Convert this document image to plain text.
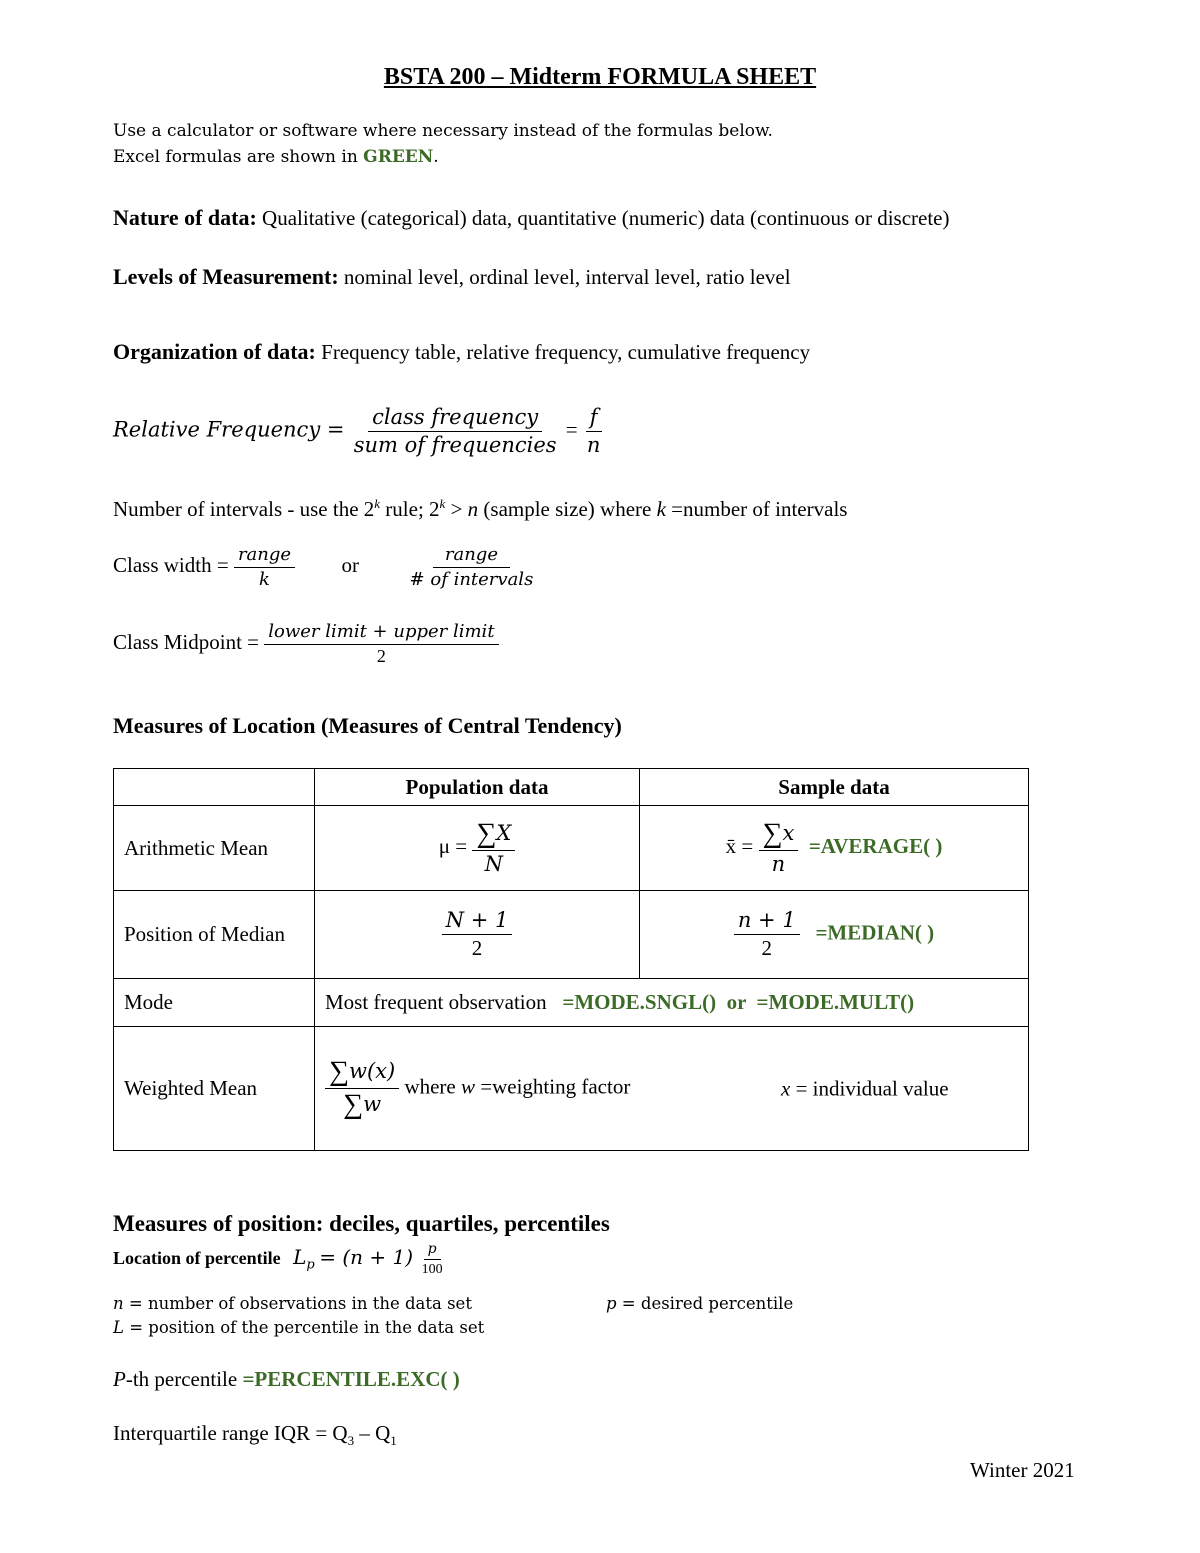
BSTA 200 – Midterm FORMULA SHEET
Use a calculator or software where necessary instead of the formulas below.
Excel formulas are shown in GREEN.
Nature of data: Qualitative (categorical) data, quantitative (numeric) data (continuous or discrete)
Levels of Measurement: nominal level, ordinal level, interval level, ratio level
Organization of data: Frequency table, relative frequency, cumulative frequency
Relative Frequency = $\frac{\text{class frequency}}{\text{sum of frequencies}} = \frac{f}{n}$
Number of intervals - use the 2$^k$ rule; $2^k > n$ (sample size) where k =number of intervals
Class width = $\frac{\text{range}}{k}$ or	$\frac{\text{range}}{\text{\# of intervals}}$
Class Midpoint = $\frac{\text{lower limit + upper limit}}{2}$
Measures of Location (Measures of Central Tendency)
	Population data	Sample data
Arithmetic Mean	$\mu = \frac{\sum X}{N}$	x̄ = $\frac{\sum x}{n}$ =AVERAGE( )
Position of Median	$\frac{N + 1}{2}$	$\frac{n + 1}{2}$ =MEDIAN( )
Mode	Most frequent observation =MODE.SNGL()  or  =MODE.MULT()	
Weighted Mean	$\frac{\sum w(x)}{\sum w}$ where w =weighting factor x = individual value	
Measures of position: deciles, quartiles, percentiles
Location of percentile $L_p = (n + 1) \frac{p}{100}$
n = number of observations in the data set	p = desired percentile
L = position of the percentile in the data set
P-th percentile =PERCENTILE.EXC( )
Interquartile range IQR = $Q_3 - Q_1$
Winter 2021
